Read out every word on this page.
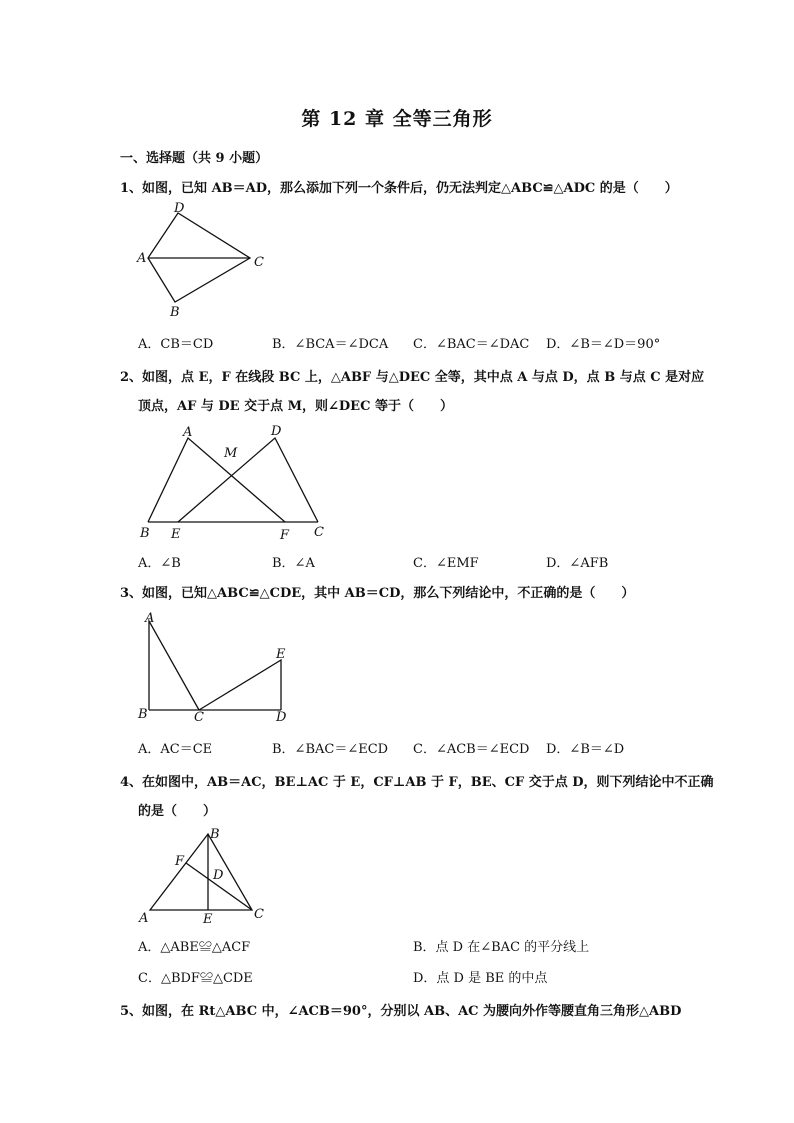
第 12 章 全等三角形
一、选择题（共 9 小题）
1、如图，已知 AB＝AD，那么添加下列一个条件后，仍无法判定△ABC≌△ADC 的是（　　）
D
A	C
B
A．CB＝CD	B．∠BCA＝∠DCA C．∠BAC＝∠DAC D．∠B＝∠D＝90°
2、如图，点 E，F 在线段 BC 上，△ABF 与△DEC 全等，其中点 A 与点 D，点 B 与点 C 是对应
顶点，AF 与 DE 交于点 M，则∠DEC 等于（　　）
A	D
M
B E	F C
A．∠B	B．∠A	C．∠EMF	D．∠AFB
3、如图，已知△ABC≌△CDE，其中 AB＝CD，那么下列结论中，不正确的是（　　）
A
B	C	D
E
A．AC＝CE	B．∠BAC＝∠ECD C．∠ACB＝∠ECD D．∠B＝∠D
4、在如图中，AB＝AC，BE⊥AC 于 E，CF⊥AB 于 F，BE、CF 交于点 D，则下列结论中不正确
的是（　　）
A
B
C
D
E
F
A．△ABE≌△ACF	B．点 D 在∠BAC 的平分线上
C．△BDF≌△CDE	D．点 D 是 BE 的中点
5、如图，在 Rt△ABC 中，∠ACB＝90°，分别以 AB、AC 为腰向外作等腰直角三角形△ABD
